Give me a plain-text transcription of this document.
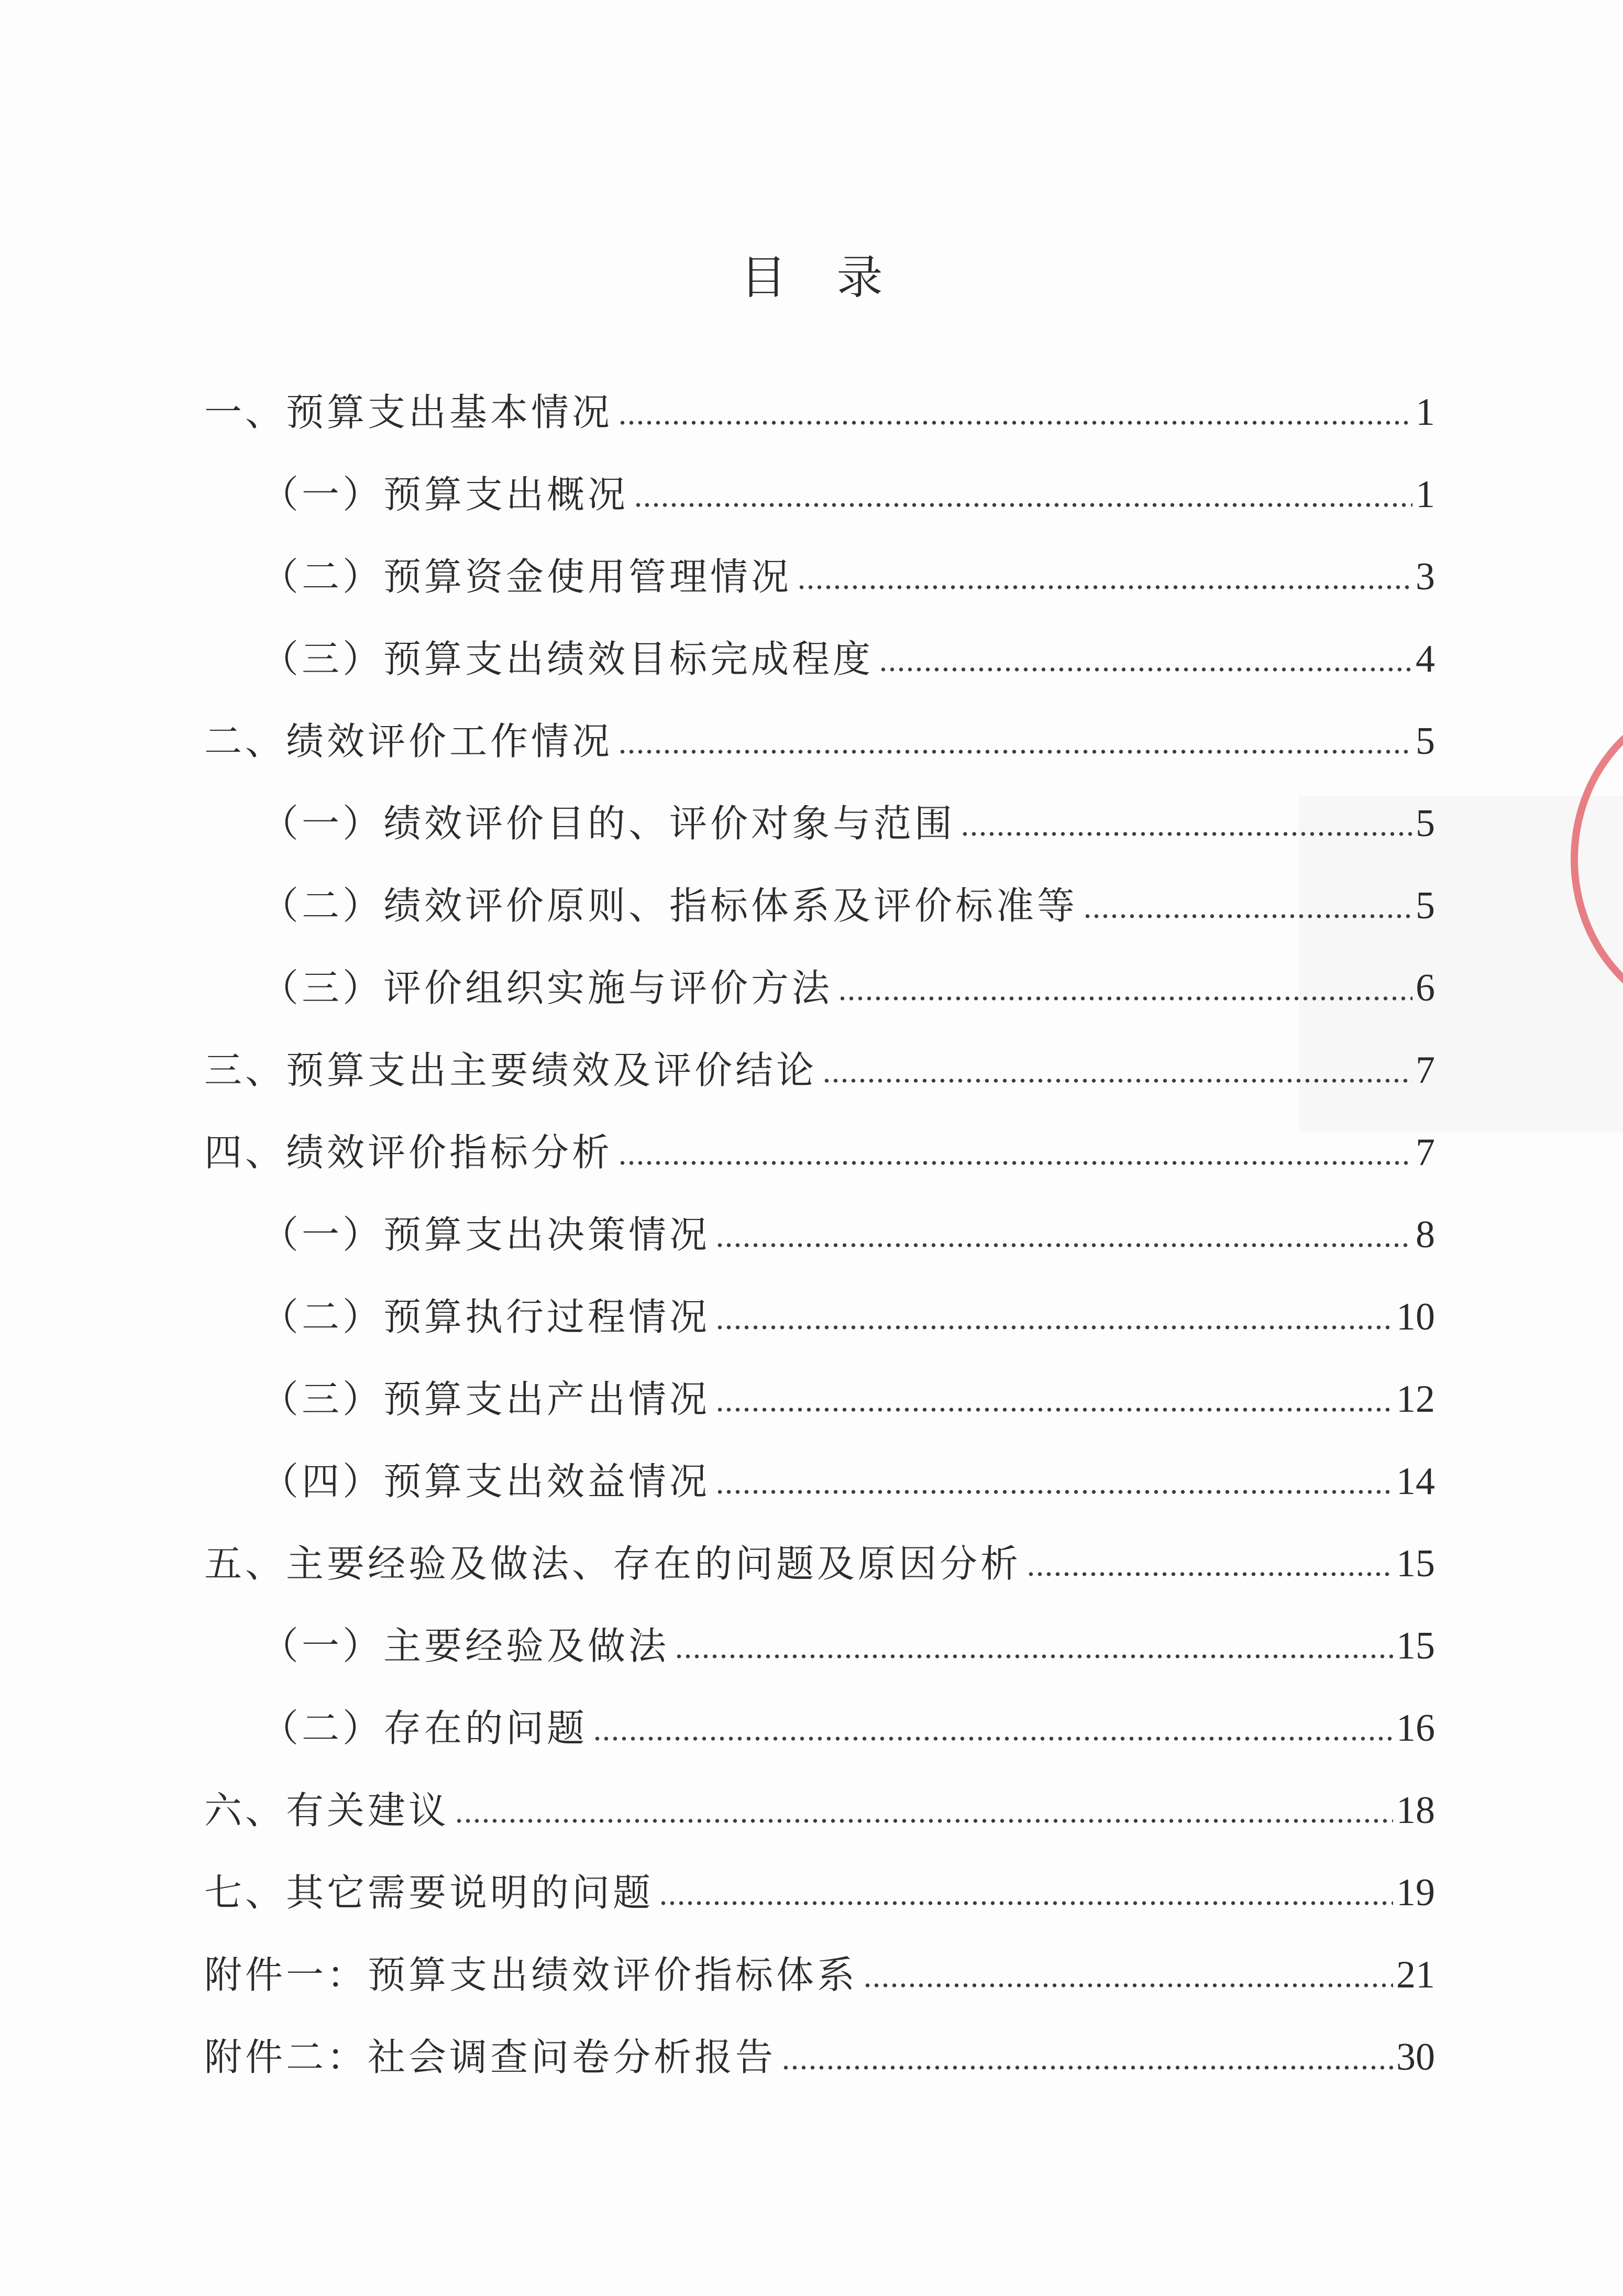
目 录
一、预算支出基本情况	1
（一）预算支出概况	1
（二）预算资金使用管理情况	3
（三）预算支出绩效目标完成程度	4
二、绩效评价工作情况	5
（一）绩效评价目的、评价对象与范围	5
（二）绩效评价原则、指标体系及评价标准等	5
（三）评价组织实施与评价方法	6
三、预算支出主要绩效及评价结论	7
四、绩效评价指标分析	7
（一）预算支出决策情况	8
（二）预算执行过程情况	10
（三）预算支出产出情况	12
（四）预算支出效益情况	14
五、主要经验及做法、存在的问题及原因分析	15
（一）主要经验及做法	15
（二）存在的问题	16
六、有关建议	18
七、其它需要说明的问题	19
附件一：预算支出绩效评价指标体系	21
附件二：社会调查问卷分析报告	30
